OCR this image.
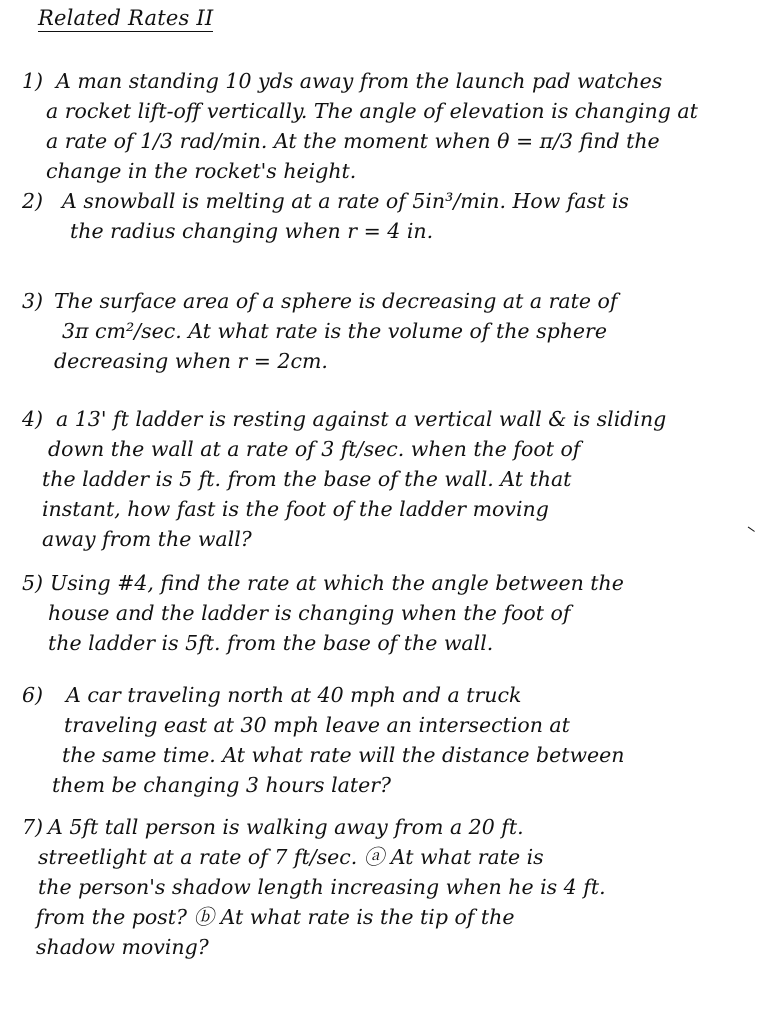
Related Rates II
1) A man standing 10 yds away from the launch pad watches
a rocket lift-off vertically. The angle of elevation is changing at
a rate of 1/3 rad/min. At the moment when θ = π/3 find the
change in the rocket's height.
2) A snowball is melting at a rate of 5in³/min. How fast is
the radius changing when r = 4 in.
3) The surface area of a sphere is decreasing at a rate of
3π cm²/sec. At what rate is the volume of the sphere
decreasing when r = 2cm.
4) a 13' ft ladder is resting against a vertical wall & is sliding
down the wall at a rate of 3 ft/sec. when the foot of
the ladder is 5 ft. from the base of the wall. At that
instant, how fast is the foot of the ladder moving
away from the wall?
5) Using #4, find the rate at which the angle between the
house and the ladder is changing when the foot of
the ladder is 5ft. from the base of the wall.
6)	A car traveling north at 40 mph and a truck
traveling east at 30 mph leave an intersection at
the same time. At what rate will the distance between
them be changing 3 hours later?
7) A 5ft tall person is walking away from a 20 ft.
streetlight at a rate of 7 ft/sec. ⓐ At what rate is
the person's shadow length increasing when he is 4 ft.
from the post? ⓑ At what rate is the tip of the
shadow moving?
